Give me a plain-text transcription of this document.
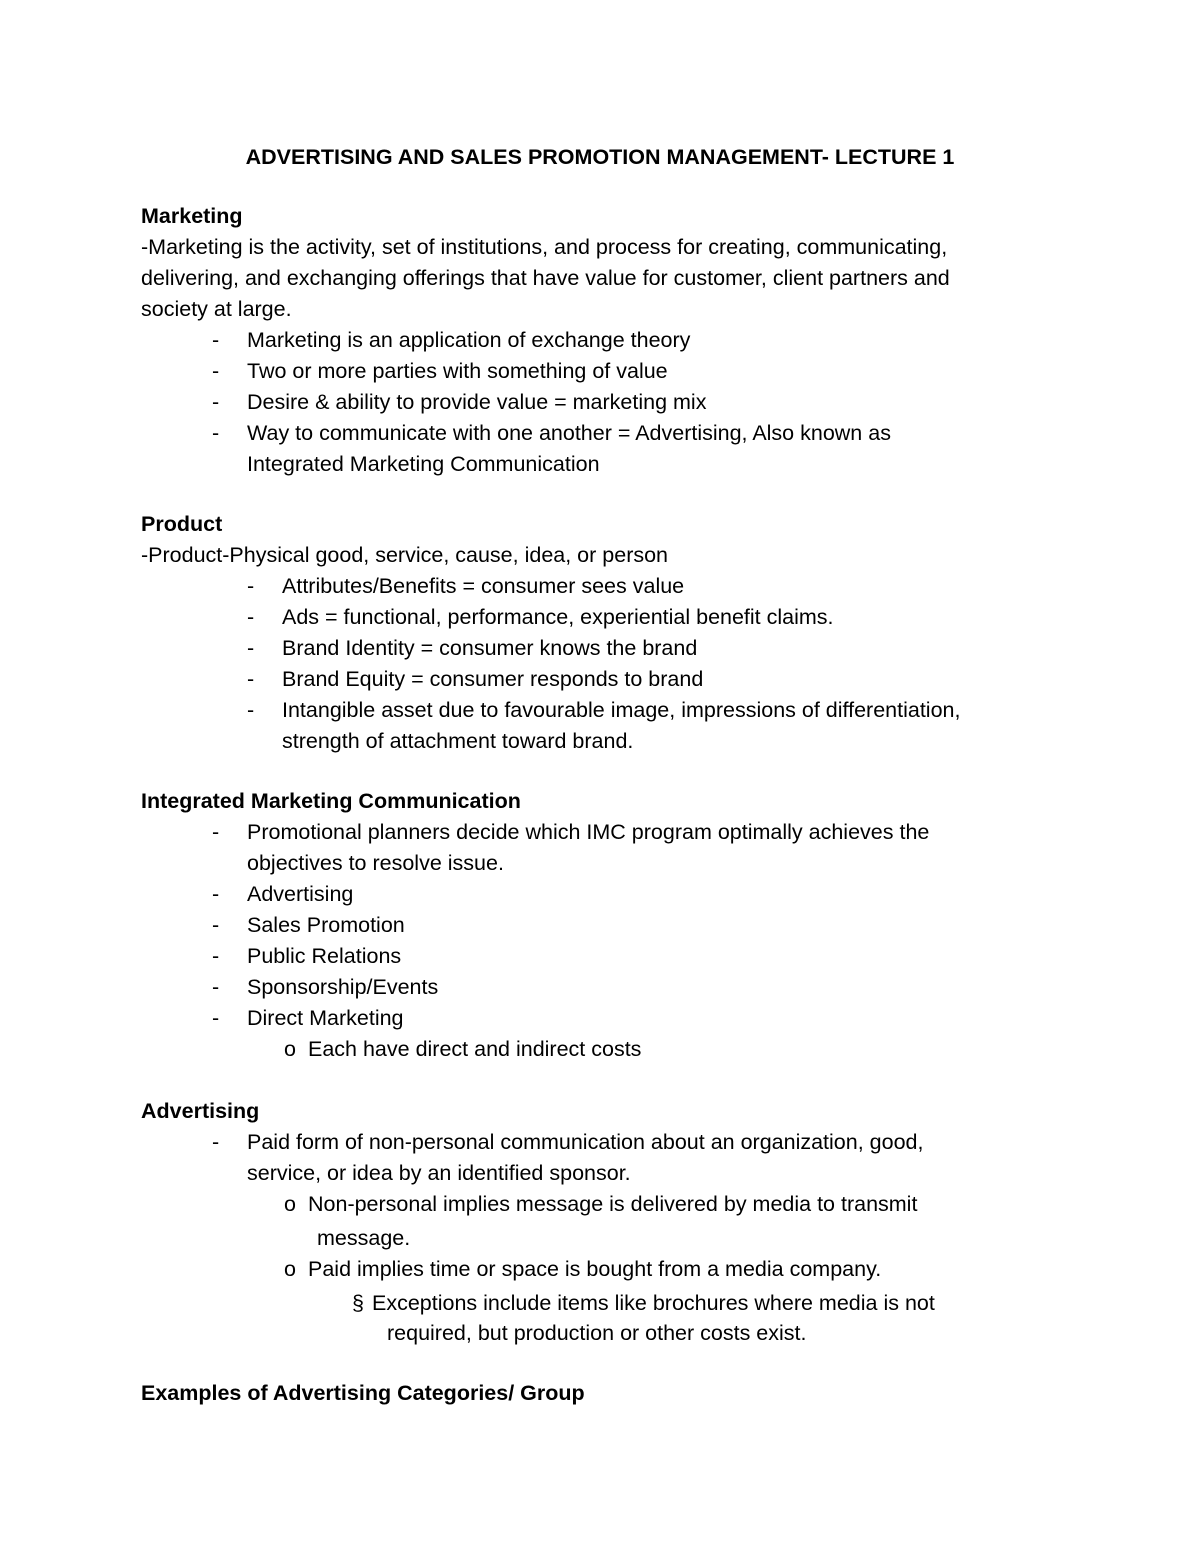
ADVERTISING AND SALES PROMOTION MANAGEMENT- LECTURE 1
Marketing
-Marketing is the activity, set of institutions, and process for creating, communicating,
delivering, and exchanging offerings that have value for customer, client partners and
society at large.
- Marketing is an application of exchange theory
- Two or more parties with something of value
- Desire & ability to provide value = marketing mix
- Way to communicate with one another = Advertising, Also known as
Integrated Marketing Communication
Product
-Product-Physical good, service, cause, idea, or person
- Attributes/Benefits = consumer sees value
- Ads = functional, performance, experiential benefit claims.
- Brand Identity = consumer knows the brand
- Brand Equity = consumer responds to brand
- Intangible asset due to favourable image, impressions of differentiation,
strength of attachment toward brand.
Integrated Marketing Communication
- Promotional planners decide which IMC program optimally achieves the
objectives to resolve issue.
- Advertising
- Sales Promotion
- Public Relations
- Sponsorship/Events
- Direct Marketing
o Each have direct and indirect costs
Advertising
- Paid form of non-personal communication about an organization, good,
service, or idea by an identified sponsor.
o Non-personal implies message is delivered by media to transmit
message.
o Paid implies time or space is bought from a media company.
§ Exceptions include items like brochures where media is not
required, but production or other costs exist.
Examples of Advertising Categories/ Group
